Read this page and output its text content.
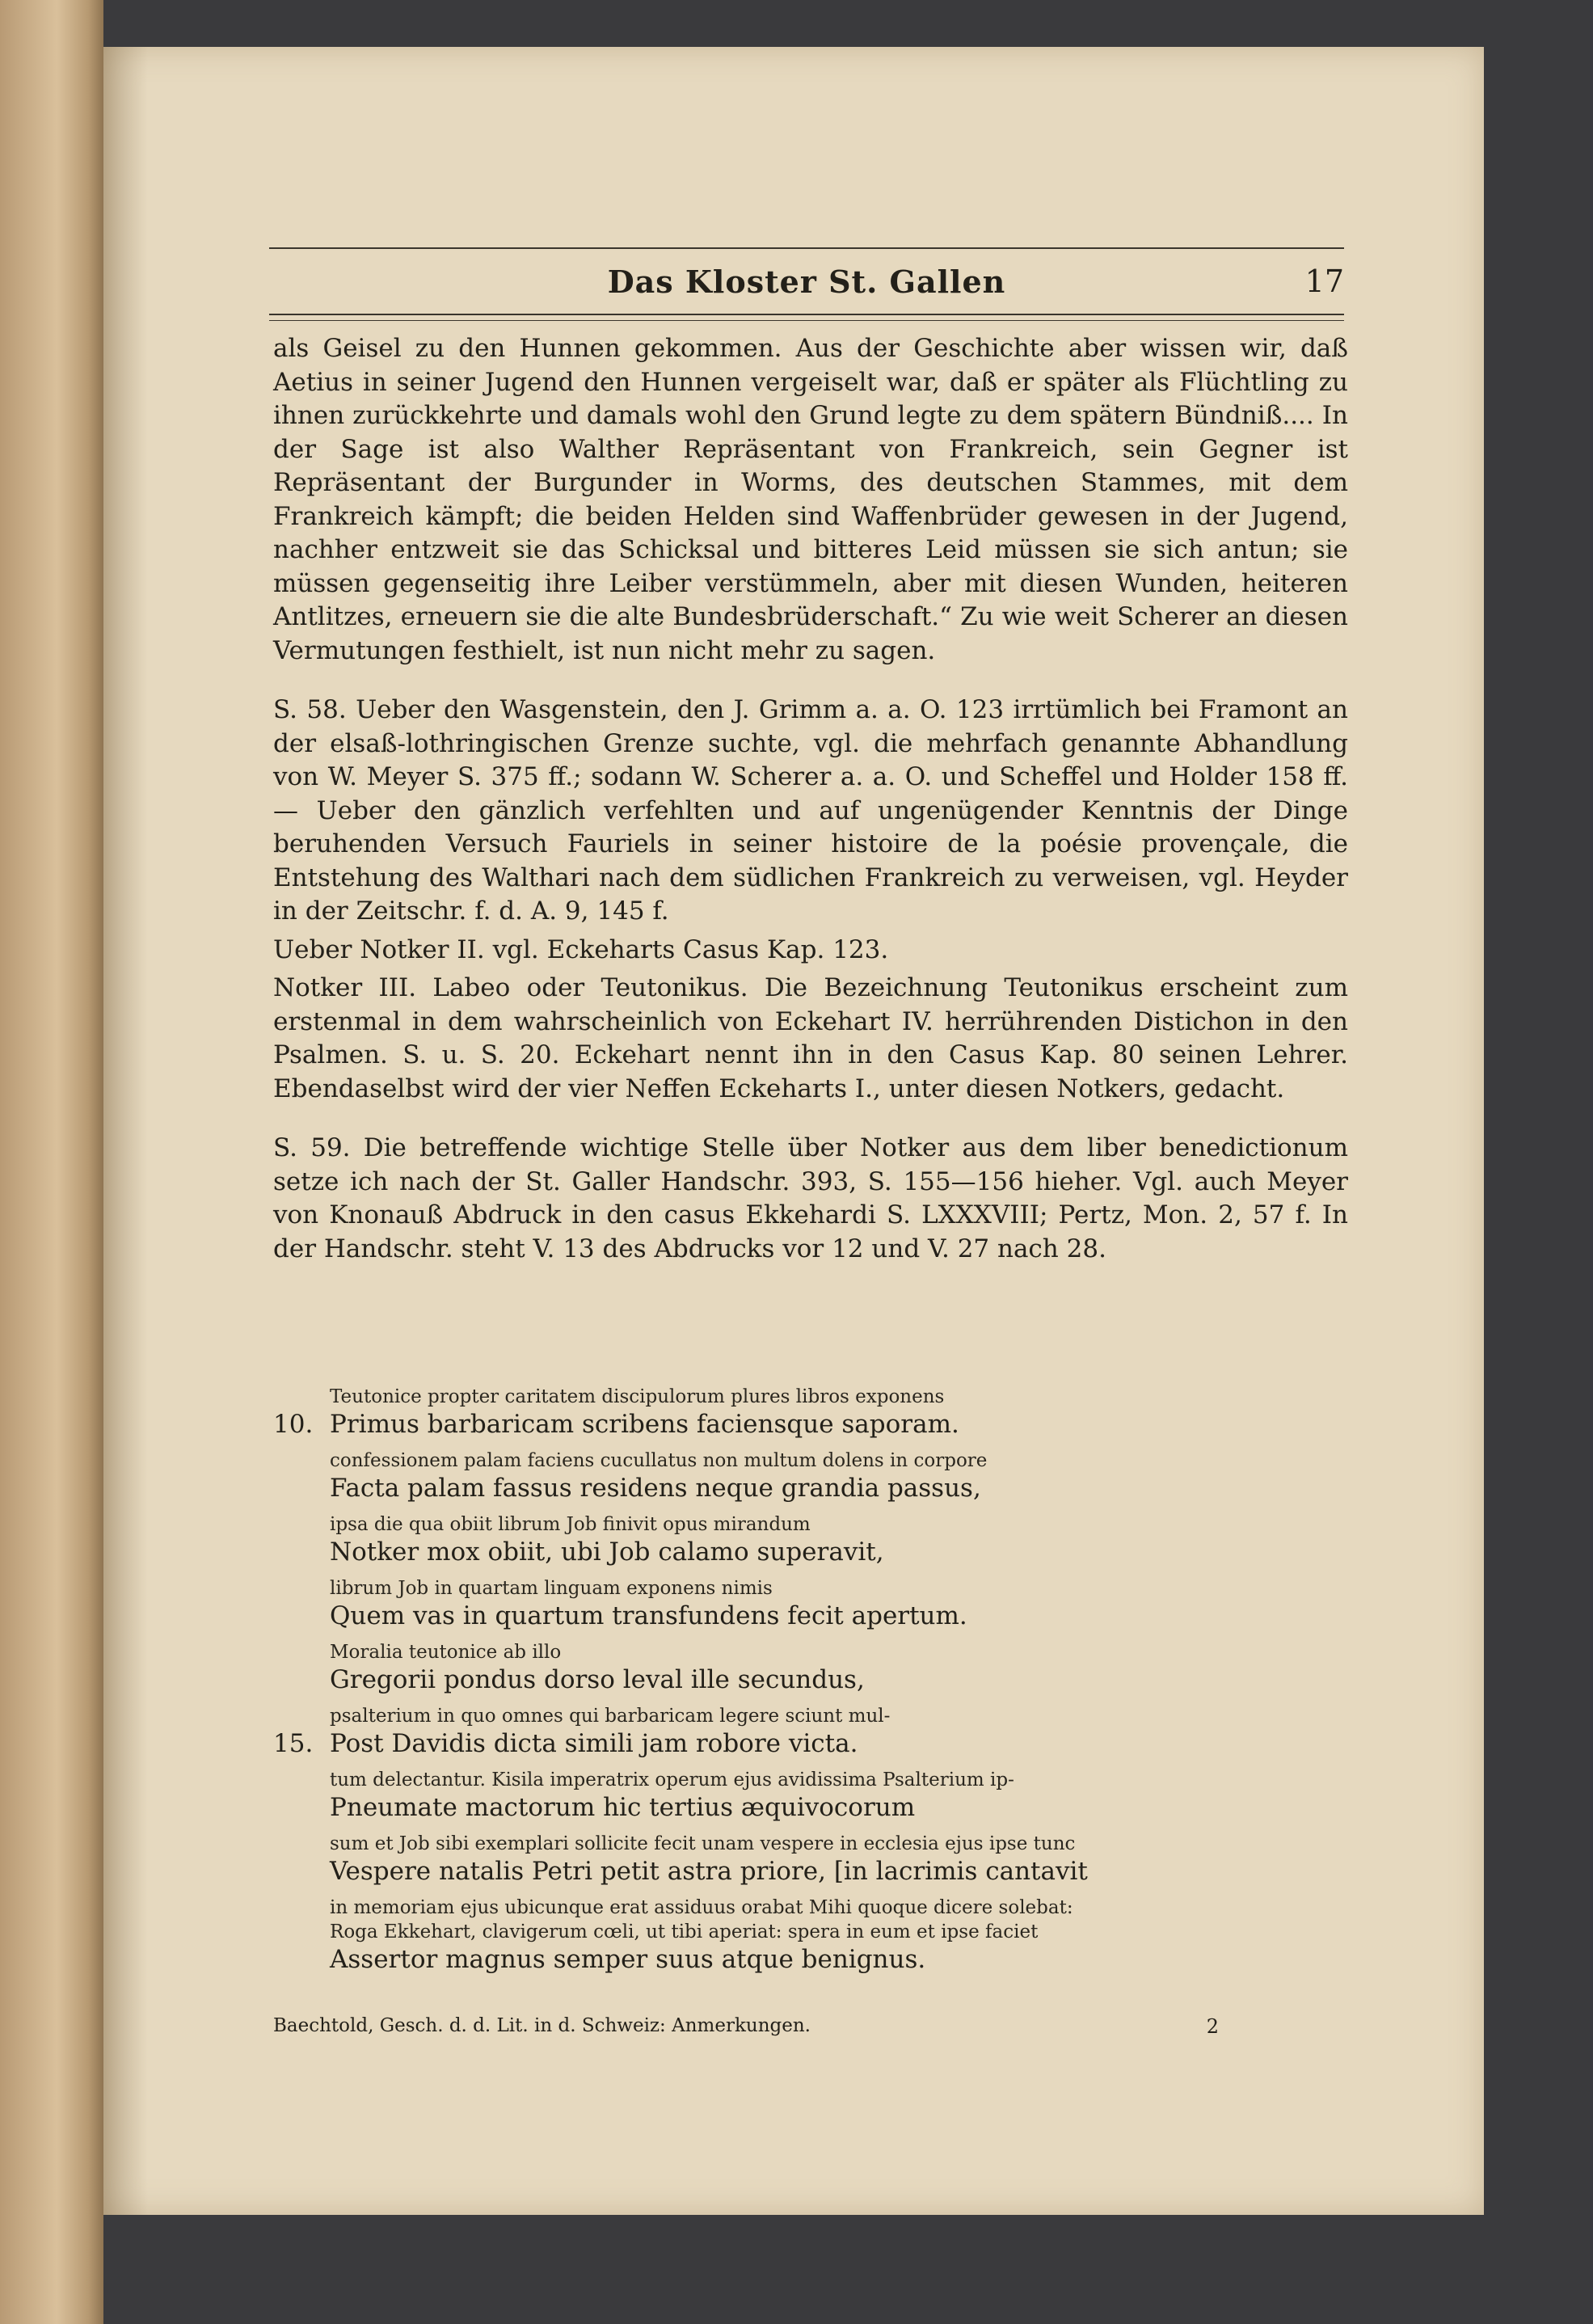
Das Kloster St. Gallen	17

als Geisel zu den Hunnen gekommen. Aus der Geschichte aber wissen wir, daß Aetius in seiner Jugend den Hunnen vergeiselt war, daß er später als Flüchtling zu ihnen zurückkehrte und damals wohl den Grund legte zu dem spätern Bündniß.... In der Sage ist also Walther Repräsentant von Frankreich, sein Gegner ist Repräsentant der Burgunder in Worms, des deutschen Stammes, mit dem Frankreich kämpft; die beiden Helden sind Waffenbrüder gewesen in der Jugend, nachher entzweit sie das Schicksal und bitteres Leid müssen sie sich antun; sie müssen gegenseitig ihre Leiber verstümmeln, aber mit diesen Wunden, heiteren Antlitzes, erneuern sie die alte Bundesbrüderschaft.“ Zu wie weit Scherer an diesen Vermutungen festhielt, ist nun nicht mehr zu sagen.

S. 58. Ueber den Wasgenstein, den J. Grimm a. a. O. 123 irrtümlich bei Framont an der elsaß-lothringischen Grenze suchte, vgl. die mehrfach genannte Abhandlung von W. Meyer S. 375 ff.; sodann W. Scherer a. a. O. und Scheffel und Holder 158 ff. — Ueber den gänzlich verfehlten und auf ungenügender Kenntnis der Dinge beruhenden Versuch Fauriels in seiner histoire de la poésie provençale, die Entstehung des Walthari nach dem südlichen Frankreich zu verweisen, vgl. Heyder in der Zeitschr. f. d. A. 9, 145 f.

Ueber Notker II. vgl. Eckeharts Casus Kap. 123.

Notker III. Labeo oder Teutonikus. Die Bezeichnung Teutonikus erscheint zum erstenmal in dem wahrscheinlich von Eckehart IV. herrührenden Distichon in den Psalmen. S. u. S. 20. Eckehart nennt ihn in den Casus Kap. 80 seinen Lehrer. Ebendaselbst wird der vier Neffen Eckeharts I., unter diesen Notkers, gedacht.

S. 59. Die betreffende wichtige Stelle über Notker aus dem liber benedictionum setze ich nach der St. Galler Handschr. 393, S. 155—156 hieher. Vgl. auch Meyer von Knonauß Abdruck in den casus Ekkehardi S. LXXXVIII; Pertz, Mon. 2, 57 f. In der Handschr. steht V. 13 des Abdrucks vor 12 und V. 27 nach 28.

Teutonice propter caritatem discipulorum plures libros exponens
10. Primus barbaricam scribens faciensque saporam.
confessionem palam faciens cucullatus non multum dolens in corpore
Facta palam fassus residens neque grandia passus,
ipsa die qua obiit librum Job finivit opus mirandum
Notker mox obiit, ubi Job calamo superavit,
librum Job in quartam linguam exponens nimis
Quem vas in quartum transfundens fecit apertum.
Moralia teutonice ab illo
Gregorii pondus dorso leval ille secundus,
psalterium in quo omnes qui barbaricam legere sciunt mul-
15. Post Davidis dicta simili jam robore victa.
tum delectantur. Kisila imperatrix operum ejus avidissima Psalterium ip-
Pneumate mactorum hic tertius æquivocorum
sum et Job sibi exemplari sollicite fecit unam vespere in ecclesia ejus ipse tunc
Vespere natalis Petri petit astra priore, [in lacrimis cantavit
in memoriam ejus ubicunque erat assiduus orabat Mihi quoque dicere solebat:
Roga Ekkehart, clavigerum cœli, ut tibi aperiat: spera in eum et ipse faciet
Assertor magnus semper suus atque benignus.
Baechtold, Gesch. d. d. Lit. in d. Schweiz: Anmerkungen.	2
